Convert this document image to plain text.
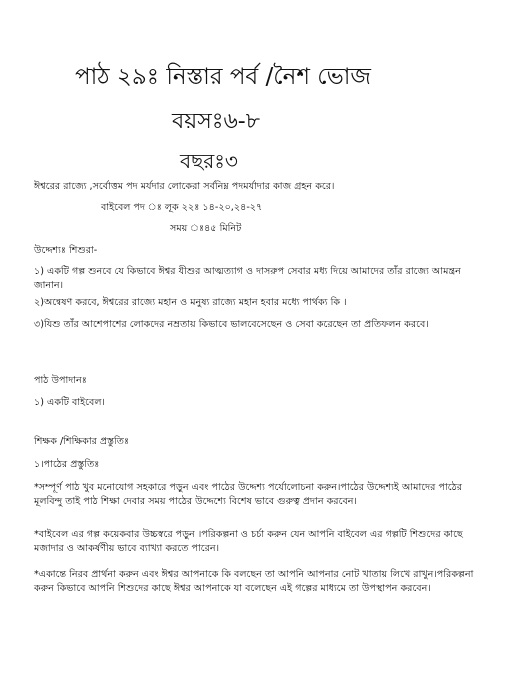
পাঠ ২৯ঃ নিস্তার পর্ব /নৈশ ভোজ
বয়সঃ৬-৮
বছরঃ৩
ঈশ্বরের রাজ্যে ,সর্বোত্তম পদ মর্যদার লোকেরা সর্বনিম্ন পদমর্যাদার কাজ গ্রহন করে।
বাইবেল পদ ঃ লূক ২২ঃ ১৪-২০,২৪-২৭
সময় ঃ৪৫ মিনিট
উদ্দেশ্যঃ শিশুরা-
১) একটি গল্প শুনবে যে কিভাবে ঈশ্বর যীশুর আত্মত্যাগ ও দাসরুপ সেবার মধ্য দিয়ে আমাদের তাঁর রাজ্যে আমন্ত্রন জানান।
২)অন্বেষণ করবে, ঈশ্বরের রাজ্যে মহান ও মনুষ্য রাজ্যে মহান হবার মধ্যে পার্থক্য কি ।
৩)যিশু তাঁর আশেপাশের লোকদের নম্রতায় কিভাবে ভালবেসেছেন ও সেবা করেছেন তা প্রতিফলন করবে।
পাঠ উপাদানঃ
১) একটি বাইবেল।
শিক্ষক /শিক্ষিকার প্রস্তুতিঃ
১।পাঠের প্রস্তুতিঃ
*সম্পূর্ণ পাঠ খুব মনোযোগ সহকারে পড়ুন এবং পাঠের উদ্দেশ্য পর্যোলোচনা করুন।পাঠের উদ্দেশ্যই আমাদের পাঠের মূলবিন্দু তাই পাঠ শিক্ষা দেবার সময় পাঠের উদ্দেশ্যে বিশেষ ভাবে গুরুত্ব প্রদান করবেন।
*বাইবেল এর গল্প কয়েকবার উচ্চস্বরে পড়ুন ।পরিকল্পনা ও চর্চা করুন যেন আপনি বাইবেল এর গল্পটি শিশুদের কাছে মজাদার ও আকর্ষণীয় ভাবে ব্যাখ্যা করতে পারেন।
*একান্তে নিরব প্রার্থনা করুন এবং ঈশ্বর আপনাকে কি বলছেন তা আপনি আপনার নোট খাতায় লিখে রাখুন।পরিকল্পনা করুন কিভাবে আপনি শিশুদের কাছে ঈশ্বর আপনাকে যা বলেছেন এই গল্পের মাধ্যমে তা উপস্থাপন করবেন।
